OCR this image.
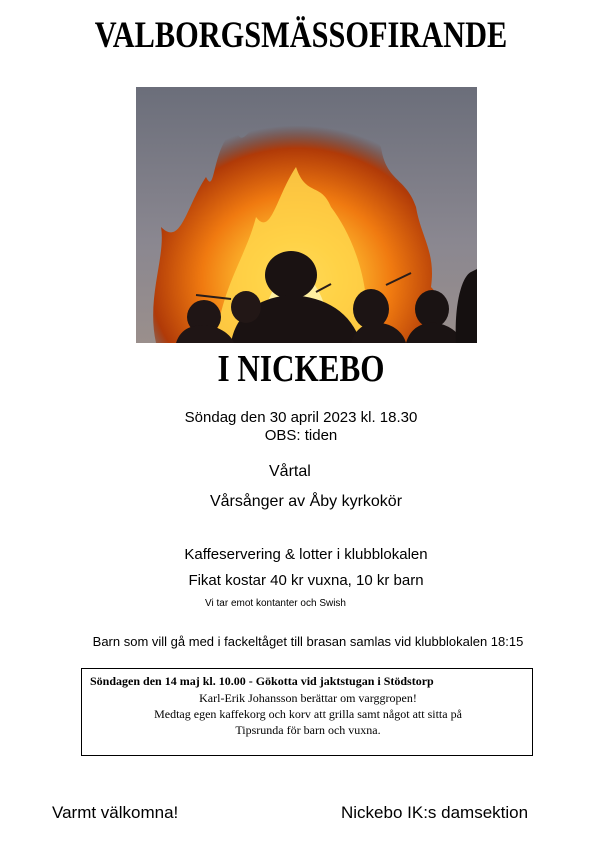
VALBORGSMÄSSOFIRANDE
I NICKEBO
Söndag den 30 april 2023 kl. 18.30
OBS: tiden
Vårtal
Vårsånger av Åby kyrkokör
Kaffeservering & lotter i klubblokalen
Fikat kostar 40 kr vuxna, 10 kr barn
Vi tar emot kontanter och Swish
Barn som vill gå med i fackeltåget till brasan samlas vid klubblokalen 18:15
Söndagen den 14 maj kl. 10.00 - Gökotta vid jaktstugan i Stödstorp
Karl-Erik Johansson berättar om varggropen!
Medtag egen kaffekorg och korv att grilla samt något att sitta på
Tipsrunda för barn och vuxna.
Varmt välkomna!	Nickebo IK:s damsektion
